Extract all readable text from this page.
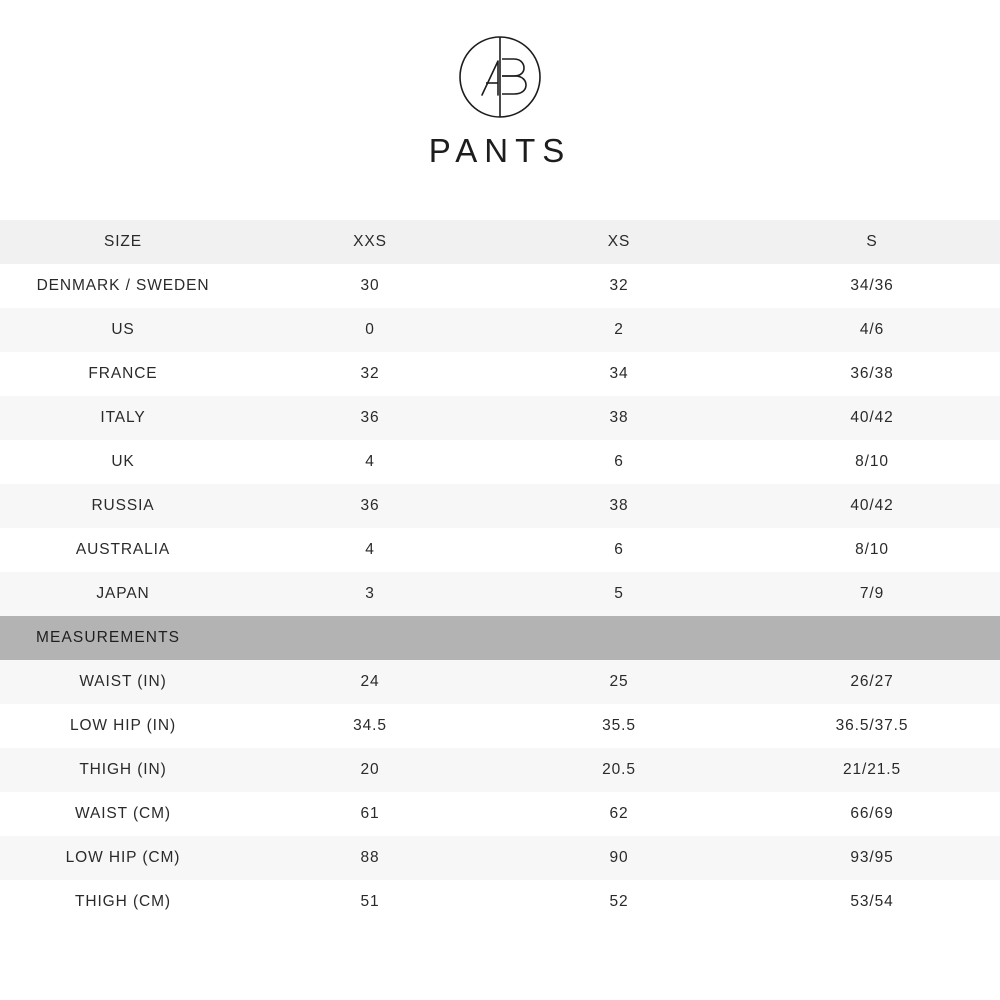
PANTS
SIZE	XXS	XS	S
DENMARK / SWEDEN	30	32	34/36
US	0	2	4/6
FRANCE	32	34	36/38
ITALY	36	38	40/42
UK	4	6	8/10
RUSSIA	36	38	40/42
AUSTRALIA	4	6	8/10
JAPAN	3	5	7/9
MEASUREMENTS			
WAIST (IN)	24	25	26/27
LOW HIP (IN)	34.5	35.5	36.5/37.5
THIGH (IN)	20	20.5	21/21.5
WAIST (CM)	61	62	66/69
LOW HIP (CM)	88	90	93/95
THIGH (CM)	51	52	53/54
